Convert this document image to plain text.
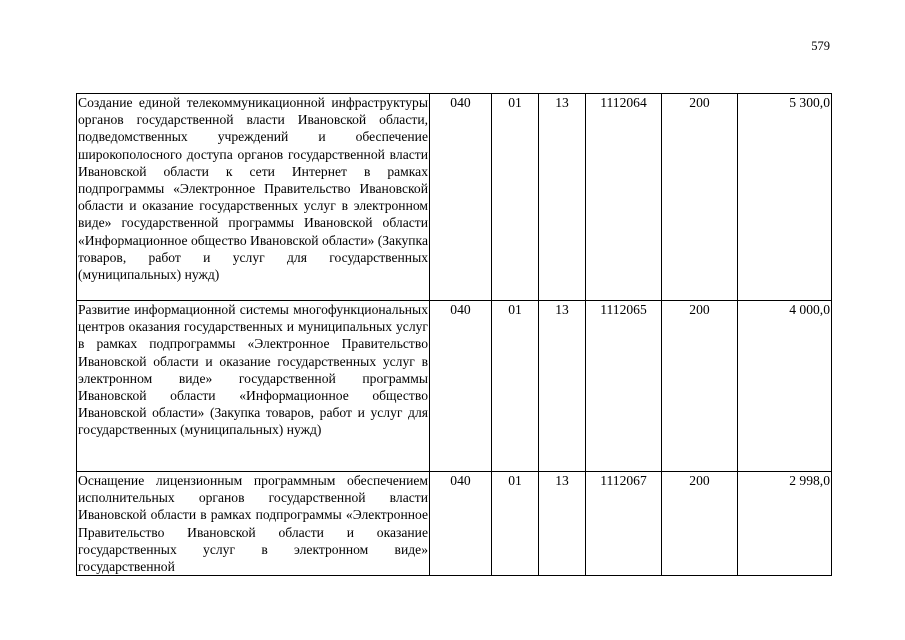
579
Создание единой телекоммуникационной инфраструктуры органов государственной власти Ивановской области, подведомственных учреждений и обеспечение широкополосного доступа органов государственной власти Ивановской области к сети Интернет в рамках подпрограммы «Электронное Правительство Ивановской области и оказание государственных услуг в электронном виде» государственной программы Ивановской области «Информационное общество Ивановской области» (Закупка товаров, работ и услуг для государственных (муниципальных) нужд)	040	01	13	1112064	200	5 300,0
Развитие информационной системы многофункциональных центров оказания государственных и муниципальных услуг в рамках подпрограммы «Электронное Правительство Ивановской области и оказание государственных услуг в электронном виде» государственной программы Ивановской области «Информационное общество Ивановской области» (Закупка товаров, работ и услуг для государственных (муниципальных) нужд)	040	01	13	1112065	200	4 000,0
Оснащение лицензионным программным обеспечением исполнительных органов государственной власти Ивановской области в рамках подпрограммы «Электронное Правительство Ивановской области и оказание государственных услуг в электронном виде» государственной	040	01	13	1112067	200	2 998,0
